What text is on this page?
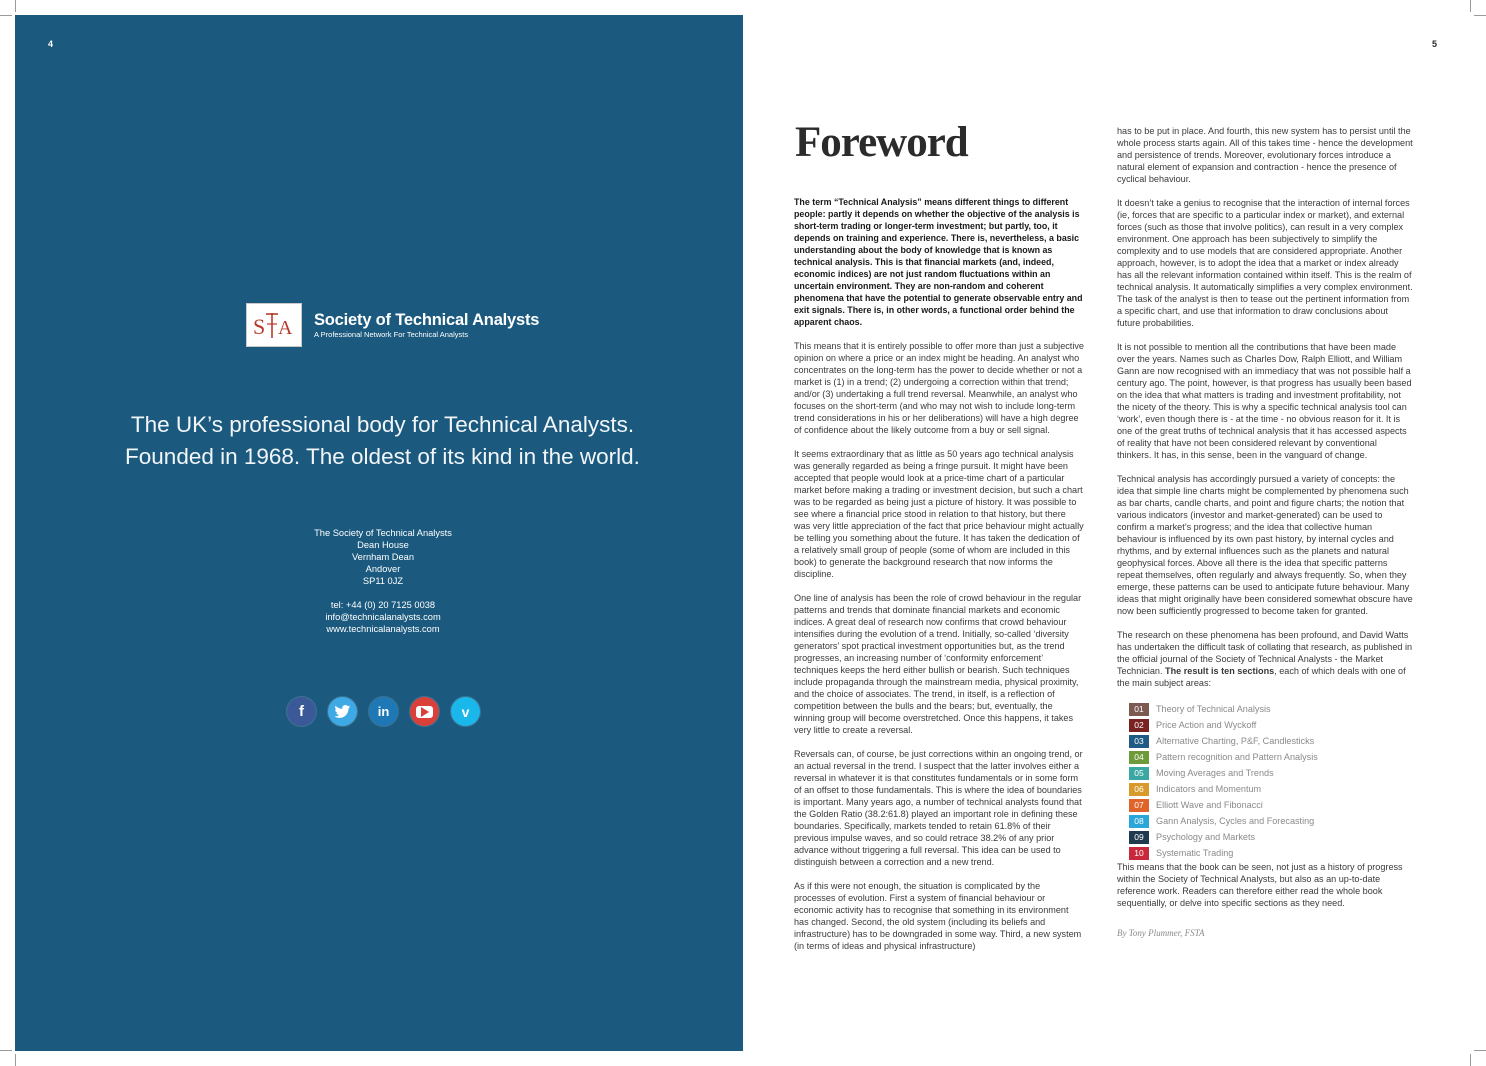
4
S A Society of Technical Analysts
A Professional Network For Technical Analysts
The UK’s professional body for Technical Analysts.
Founded in 1968. The oldest of its kind in the world.
The Society of Technical Analysts
Dean House
Vernham Dean
Andover
SP11 0JZ
tel: +44 (0) 20 7125 0038
info@technicalanalysts.com
www.technicalanalysts.com
f	in	v
5
Foreword

The term “Technical Analysis” means different things to different people: partly it depends on whether the objective of the analysis is short-term trading or longer-term investment; but partly, too, it depends on training and experience. There is, nevertheless, a basic understanding about the body of knowledge that is known as technical analysis. This is that financial markets (and, indeed, economic indices) are not just random fluctuations within an uncertain environment. They are non-random and coherent phenomena that have the potential to generate observable entry and exit signals. There is, in other words, a functional order behind the apparent chaos.

This means that it is entirely possible to offer more than just a subjective opinion on where a price or an index might be heading. An analyst who concentrates on the long-term has the power to decide whether or not a market is (1) in a trend; (2) undergoing a correction within that trend; and/or (3) undertaking a full trend reversal. Meanwhile, an analyst who focuses on the short-term (and who may not wish to include long-term trend considerations in his or her deliberations) will have a high degree of confidence about the likely outcome from a buy or sell signal.

It seems extraordinary that as little as 50 years ago technical analysis was generally regarded as being a fringe pursuit. It might have been accepted that people would look at a price-time chart of a particular market before making a trading or investment decision, but such a chart was to be regarded as being just a picture of history. It was possible to see where a financial price stood in relation to that history, but there was very little appreciation of the fact that price behaviour might actually be telling you something about the future. It has taken the dedication of a relatively small group of people (some of whom are included in this book) to generate the background research that now informs the discipline.

One line of analysis has been the role of crowd behaviour in the regular patterns and trends that dominate financial markets and economic indices. A great deal of research now confirms that crowd behaviour intensifies during the evolution of a trend. Initially, so-called ‘diversity generators’ spot practical investment opportunities but, as the trend progresses, an increasing number of ‘conformity enforcement’ techniques keeps the herd either bullish or bearish. Such techniques include propaganda through the mainstream media, physical proximity, and the choice of associates. The trend, in itself, is a reflection of competition between the bulls and the bears; but, eventually, the winning group will become overstretched. Once this happens, it takes very little to create a reversal.

Reversals can, of course, be just corrections within an ongoing trend, or an actual reversal in the trend. I suspect that the latter involves either a reversal in whatever it is that constitutes fundamentals or in some form of an offset to those fundamentals. This is where the idea of boundaries is important. Many years ago, a number of technical analysts found that the Golden Ratio (38.2:61.8) played an important role in defining these boundaries. Specifically, markets tended to retain 61.8% of their previous impulse waves, and so could retrace 38.2% of any prior advance without triggering a full reversal. This idea can be used to distinguish between a correction and a new trend.

As if this were not enough, the situation is complicated by the processes of evolution. First a system of financial behaviour or economic activity has to recognise that something in its environment has changed. Second, the old system (including its beliefs and infrastructure) has to be downgraded in some way. Third, a new system (in terms of ideas and physical infrastructure)

has to be put in place. And fourth, this new system has to persist until the whole process starts again. All of this takes time - hence the development and persistence of trends. Moreover, evolutionary forces introduce a natural element of expansion and contraction - hence the presence of cyclical behaviour.

It doesn’t take a genius to recognise that the interaction of internal forces (ie, forces that are specific to a particular index or market), and external forces (such as those that involve politics), can result in a very complex environment. One approach has been subjectively to simplify the complexity and to use models that are considered appropriate. Another approach, however, is to adopt the idea that a market or index already has all the relevant information contained within itself. This is the realm of technical analysis. It automatically simplifies a very complex environment. The task of the analyst is then to tease out the pertinent information from a specific chart, and use that information to draw conclusions about future probabilities.

It is not possible to mention all the contributions that have been made over the years. Names such as Charles Dow, Ralph Elliott, and William Gann are now recognised with an immediacy that was not possible half a century ago. The point, however, is that progress has usually been based on the idea that what matters is trading and investment profitability, not the nicety of the theory. This is why a specific technical analysis tool can ‘work’, even though there is - at the time - no obvious reason for it. It is one of the great truths of technical analysis that it has accessed aspects of reality that have not been considered relevant by conventional thinkers. It has, in this sense, been in the vanguard of change.

Technical analysis has accordingly pursued a variety of concepts: the idea that simple line charts might be complemented by phenomena such as bar charts, candle charts, and point and figure charts; the notion that various indicators (investor and market-generated) can be used to confirm a market’s progress; and the idea that collective human behaviour is influenced by its own past history, by internal cycles and rhythms, and by external influences such as the planets and natural geophysical forces. Above all there is the idea that specific patterns repeat themselves, often regularly and always frequently. So, when they emerge, these patterns can be used to anticipate future behaviour. Many ideas that might originally have been considered somewhat obscure have now been sufficiently progressed to become taken for granted.

The research on these phenomena has been profound, and David Watts has undertaken the difficult task of collating that research, as published in the official journal of the Society of Technical Analysts - the Market Technician. The result is ten sections, each of which deals with one of the main subject areas:

01	Theory of Technical Analysis
02	Price Action and Wyckoff
03	Alternative Charting, P&F, Candlesticks
04	Pattern recognition and Pattern Analysis
05	Moving Averages and Trends
06	Indicators and Momentum
07	Elliott Wave and Fibonacci
08	Gann Analysis, Cycles and Forecasting
09	Psychology and Markets
10	Systematic Trading

This means that the book can be seen, not just as a history of progress within the Society of Technical Analysts, but also as an up-to-date reference work. Readers can therefore either read the whole book sequentially, or delve into specific sections as they need.

By Tony Plummer, FSTA
